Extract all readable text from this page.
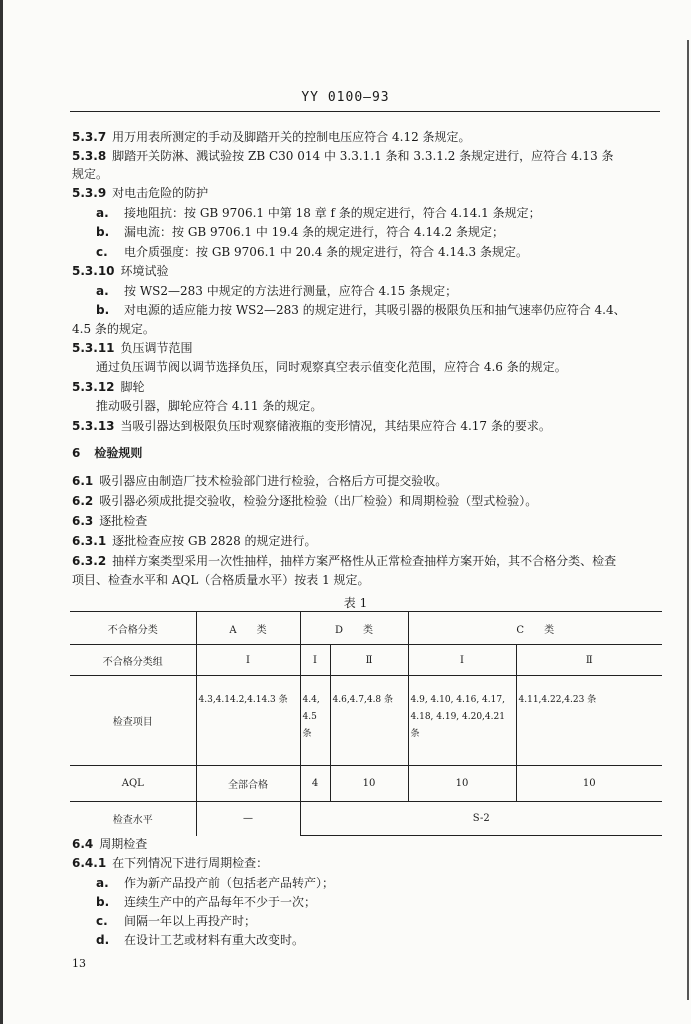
YY 0100—93
5.3.7 用万用表所测定的手动及脚踏开关的控制电压应符合 4.12 条规定。
5.3.8 脚踏开关防淋、溅试验按 ZB C30 014 中 3.3.1.1 条和 3.3.1.2 条规定进行，应符合 4.13 条
规定。
5.3.9 对电击危险的防护
a. 接地阻抗：按 GB 9706.1 中第 18 章 f 条的规定进行，符合 4.14.1 条规定；
b. 漏电流：按 GB 9706.1 中 19.4 条的规定进行，符合 4.14.2 条规定；
c. 电介质强度：按 GB 9706.1 中 20.4 条的规定进行，符合 4.14.3 条规定。
5.3.10 环境试验
a. 按 WS2—283 中规定的方法进行测量，应符合 4.15 条规定；
b. 对电源的适应能力按 WS2—283 的规定进行，其吸引器的极限负压和抽气速率仍应符合 4.4、
4.5 条的规定。
5.3.11 负压调节范围
通过负压调节阀以调节选择负压，同时观察真空表示值变化范围，应符合 4.6 条的规定。
5.3.12 脚轮
推动吸引器，脚轮应符合 4.11 条的规定。
5.3.13 当吸引器达到极限负压时观察储液瓶的变形情况，其结果应符合 4.17 条的要求。
6 检验规则
6.1 吸引器应由制造厂技术检验部门进行检验，合格后方可提交验收。
6.2 吸引器必须成批提交验收，检验分逐批检验（出厂检验）和周期检验（型式检验）。
6.3 逐批检查
6.3.1 逐批检查应按 GB 2828 的规定进行。
6.3.2 抽样方案类型采用一次性抽样，抽样方案严格性从正常检查抽样方案开始，其不合格分类、检查
项目、检查水平和 AQL（合格质量水平）按表 1 规定。
表 1
不合格分类	A　　类	D　　类		C　　类	
不合格分类组	Ⅰ	Ⅰ	Ⅱ	Ⅰ	Ⅱ
检查项目	4.3,4.14.2,4.14.3 条	4.4, 4.5 条	4.6,4.7,4.8 条	4.9, 4.10, 4.16, 4.17, 4.18, 4.19, 4.20,4.21 条	4.11,4.22,4.23 条
AQL	全部合格	4	10	10	10
检查水平	—	S-2			
6.4 周期检查
6.4.1 在下列情况下进行周期检查：
a. 作为新产品投产前（包括老产品转产）；
b. 连续生产中的产品每年不少于一次；
c. 间隔一年以上再投产时；
d. 在设计工艺或材料有重大改变时。
13
